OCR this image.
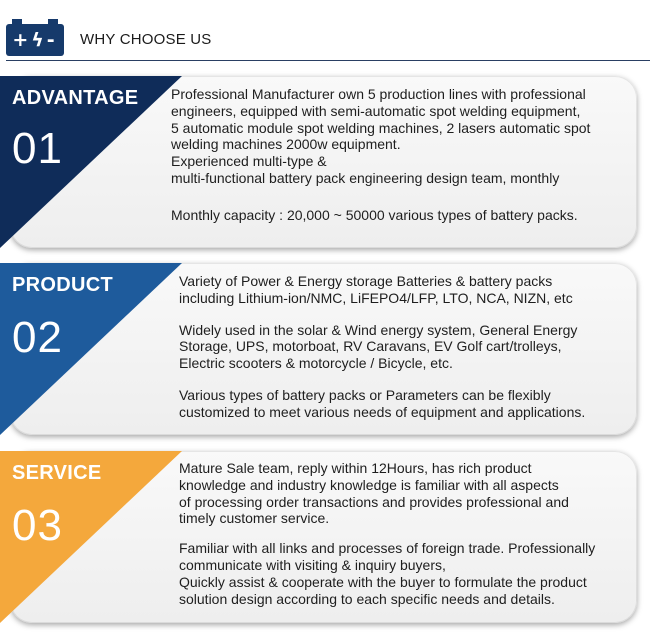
+ϟ- WHY CHOOSE US
ADVANTAGE
01

Professional Manufacturer own 5 production lines with professional

engineers, equipped with semi-automatic spot welding equipment,

5 automatic module spot welding machines, 2 lasers automatic spot

welding machines 2000w equipment.

Experienced multi-type &

multi-functional battery pack engineering design team, monthly

Monthly capacity : 20,000 ~ 50000 various types of battery packs.

PRODUCT
02

Variety of Power & Energy storage Batteries & battery packs

including Lithium-ion/NMC, LiFEPO4/LFP, LTO, NCA, NIZN, etc

Widely used in the solar & Wind energy system, General Energy

Storage, UPS, motorboat, RV Caravans, EV Golf cart/trolleys,

Electric scooters & motorcycle / Bicycle, etc.

Various types of battery packs or Parameters can be flexibly

customized to meet various needs of equipment and applications.

SERVICE
03

Mature Sale team, reply within 12Hours, has rich product

knowledge and industry knowledge is familiar with all aspects

of processing order transactions and provides professional and

timely customer service.

Familiar with all links and processes of foreign trade. Professionally

communicate with visiting & inquiry buyers,

Quickly assist & cooperate with the buyer to formulate the product

solution design according to each specific needs and details.
